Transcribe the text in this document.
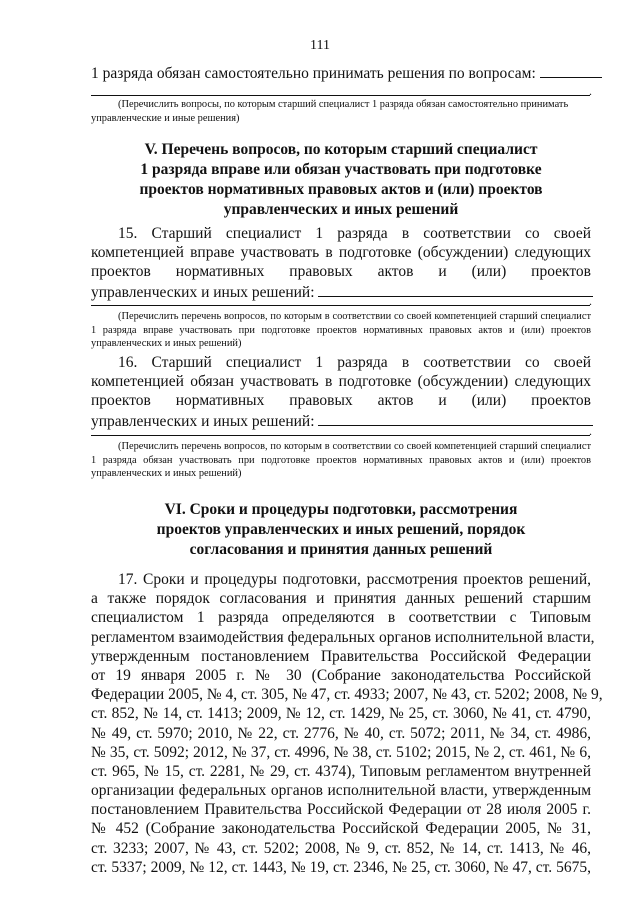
111
1 разряда обязан самостоятельно принимать решения по вопросам:
.
(Перечислить вопросы, по которым старший специалист 1 разряда обязан самостоятельно принимать управленческие и иные решения)
V. Перечень вопросов, по которым старший специалист
1 разряда вправе или обязан участвовать при подготовке
проектов нормативных правовых актов и (или) проектов
управленческих и иных решений
15. Старший специалист 1 разряда в соответствии со своей
компетенцией вправе участвовать в подготовке (обсуждении) следующих
проектов нормативных правовых актов и (или) проектов
управленческих и иных решений:
.
(Перечислить перечень вопросов, по которым в соответствии со своей компетенцией старший специалист 1 разряда вправе участвовать при подготовке проектов нормативных правовых актов и (или) проектов управленческих и иных решений)
16. Старший специалист 1 разряда в соответствии со своей
компетенцией обязан участвовать в подготовке (обсуждении) следующих
проектов нормативных правовых актов и (или) проектов
управленческих и иных решений:
.
(Перечислить перечень вопросов, по которым в соответствии со своей компетенцией старший специалист 1 разряда обязан участвовать при подготовке проектов нормативных правовых актов и (или) проектов управленческих и иных решений)
VI. Сроки и процедуры подготовки, рассмотрения
проектов управленческих и иных решений, порядок
согласования и принятия данных решений
17. Сроки и процедуры подготовки, рассмотрения проектов решений,
а также порядок согласования и принятия данных решений старшим
специалистом 1 разряда определяются в соответствии с Типовым
регламентом взаимодействия федеральных органов исполнительной власти,
утвержденным постановлением Правительства Российской Федерации
от 19 января 2005 г. № 30 (Собрание законодательства Российской
Федерации 2005, № 4, ст. 305, № 47, ст. 4933; 2007, № 43, ст. 5202; 2008, № 9,
ст. 852, № 14, ст. 1413; 2009, № 12, ст. 1429, № 25, ст. 3060, № 41, ст. 4790,
№ 49, ст. 5970; 2010, № 22, ст. 2776, № 40, ст. 5072; 2011, № 34, ст. 4986,
№ 35, ст. 5092; 2012, № 37, ст. 4996, № 38, ст. 5102; 2015, № 2, ст. 461, № 6,
ст. 965, № 15, ст. 2281, № 29, ст. 4374), Типовым регламентом внутренней
организации федеральных органов исполнительной власти, утвержденным
постановлением Правительства Российской Федерации от 28 июля 2005 г.
№ 452 (Собрание законодательства Российской Федерации 2005, № 31,
ст. 3233; 2007, № 43, ст. 5202; 2008, № 9, ст. 852, № 14, ст. 1413, № 46,
ст. 5337; 2009, № 12, ст. 1443, № 19, ст. 2346, № 25, ст. 3060, № 47, ст. 5675,
